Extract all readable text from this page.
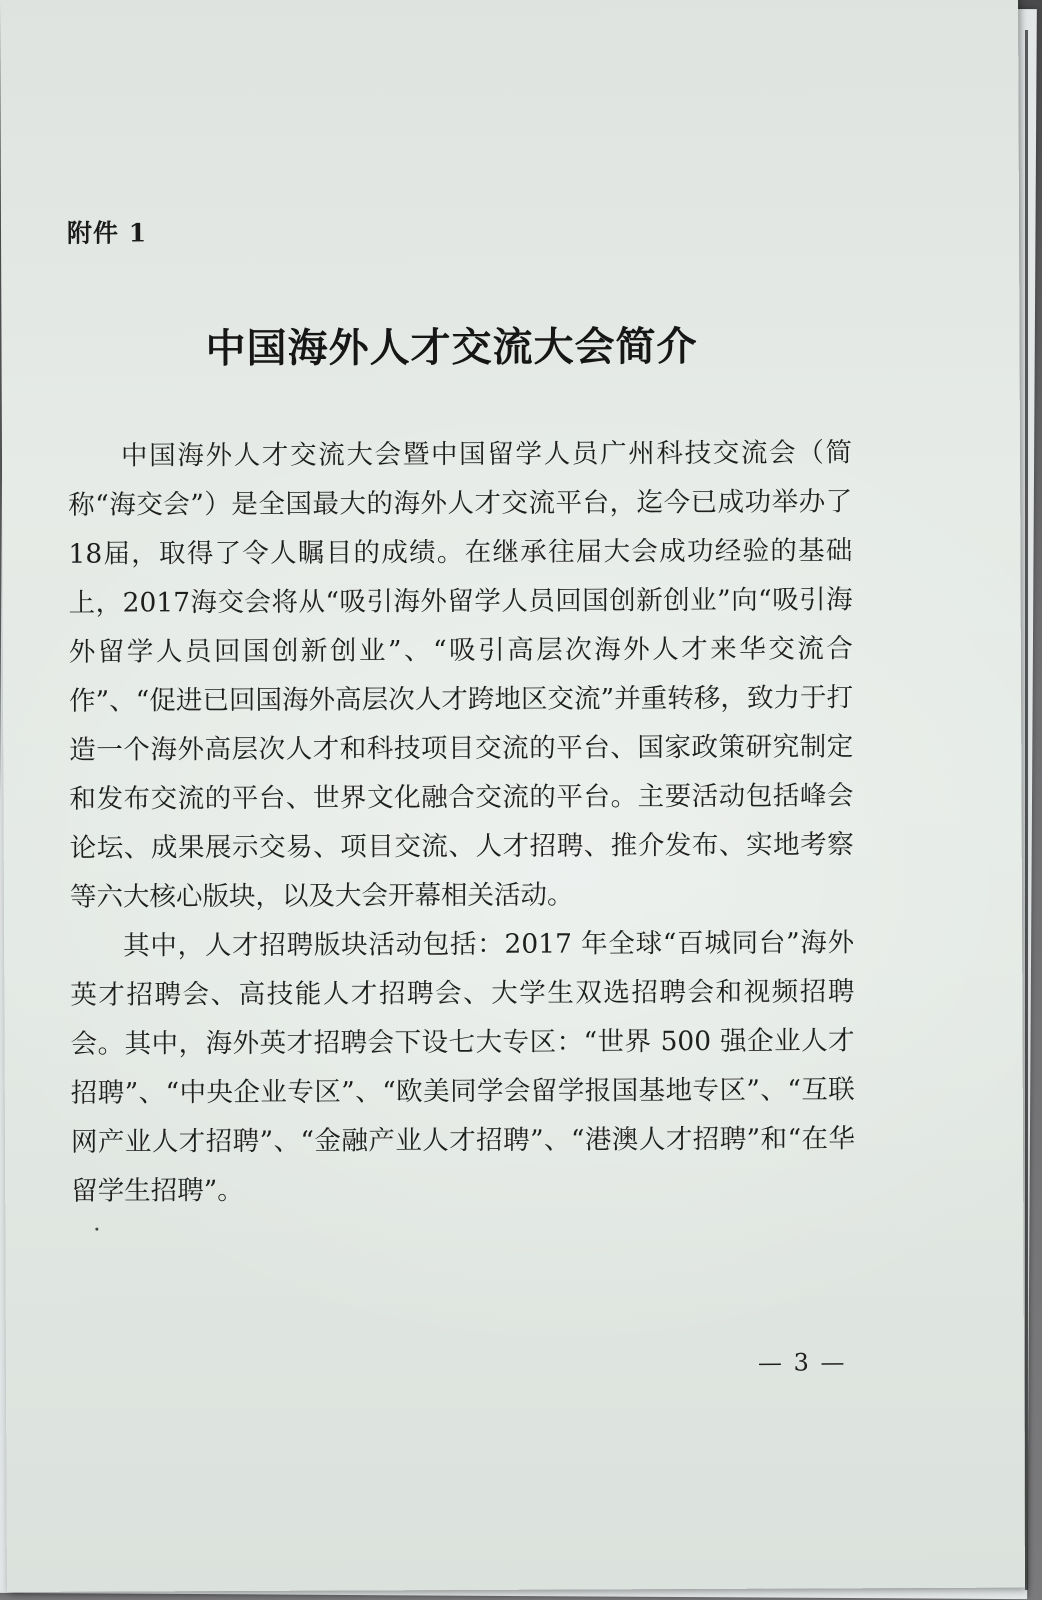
附件 1
中国海外人才交流大会简介

中国海外人才交流大会暨中国留学人员广州科技交流会（简称“海交会”）是全国最大的海外人才交流平台，迄今已成功举办了18届，取得了令人瞩目的成绩。在继承往届大会成功经验的基础上，2017海交会将从“吸引海外留学人员回国创新创业”向“吸引海外留学人员回国创新创业”、“吸引高层次海外人才来华交流合作”、“促进已回国海外高层次人才跨地区交流”并重转移，致力于打造一个海外高层次人才和科技项目交流的平台、国家政策研究制定和发布交流的平台、世界文化融合交流的平台。主要活动包括峰会论坛、成果展示交易、项目交流、人才招聘、推介发布、实地考察等六大核心版块，以及大会开幕相关活动。

其中，人才招聘版块活动包括：2017 年全球“百城同台”海外英才招聘会、高技能人才招聘会、大学生双选招聘会和视频招聘会。其中，海外英才招聘会下设七大专区：“世界 500 强企业人才招聘”、“中央企业专区”、“欧美同学会留学报国基地专区”、“互联网产业人才招聘”、“金融产业人才招聘”、“港澳人才招聘”和“在华留学生招聘”。

— 3 —
